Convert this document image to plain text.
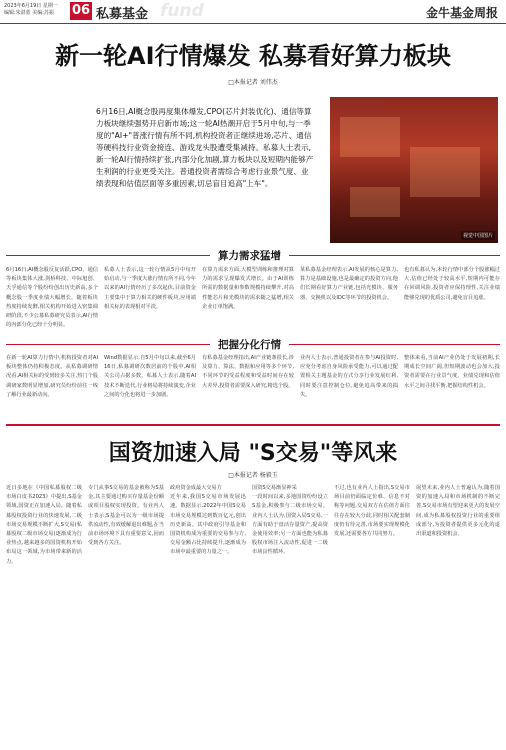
2023年6月19日 星期一
编辑:朱湛蓝 美编:苏振 06 私募基金 fund	金牛基金周报
新一轮AI行情爆发 私募看好算力板块
□本报记者 刘伟杰
6月16日,AI概念股再度集体爆发,CPO(芯片封装优化)、通信等算力板块继续强势开启新市场;这一轮AI热潮开启于5月中旬,与一季度的"AI+"普涨行情有所不同,机构投资者正继续进场,芯片、通信等硬科技行业资金接连、游戏龙头股遭受集减持。私募人士表示,新一轮AI行情持续扩张,内部分化加剧,算力板块以及短期内能够产生利润的行业更受关注。普通投资者需综合考虑行业景气度、业绩表现和估值层面等多重因素,切忌盲目追高"上车"。
视觉中国图片
算力需求猛增
6月16日,AI概念股反复活跃,CPO、通信等板块集体大涨,剑桥科技、中际旭创、天孚通信等个股纷纷创出历史新高,多个概念股一季度业绩大幅增长。随着板块热度持续发酵,相关机构开始进入密集调研阶段,不少公募私募研究员表示,AI行情的内部分化已经十分明显。
私募人士表示,这一轮行情从5月中旬开始启动,与一季度大涨行情有所不同,今年以来的AI行情经历了多次起伏,目前资金主要集中于算力相关的硬件板块,应用端相关标的表现相对平淡。
在算力需求方面,大模型训练和推理对算力的需求呈现爆发式增长。由于AI训练所需的数据量和参数规模持续攀升,对高性能芯片和光模块的需求随之猛增,相关企业订单饱满。
某私募基金经理表示,AI发展的核心是算力,算力是基础设施,也是最确定的投资方向,他们长期看好算力产业链,包括光模块、服务器、交换机以及IDC等环节的投资机会。
也有私募认为,本轮行情中部分个股涨幅过大,估值已经处于较高水平,短期内可能存在回调风险,投资者应保持理性,关注业绩能够兑现的优质公司,避免盲目追涨。
把握分化行情
在新一轮AI算力行情中,机构投资者对AI板块整体仍持积极态度。从私募调研情况看,AI相关标的受到较多关注,热门个股调研家数明显增加,研究员纷纷前往一线了解行业最新动向。
Wind数据显示,自5月中旬以来,截至6月16日,私募调研次数居前的个股中,AI相关公司占据多数。私募人士表示,随着AI技术不断迭代,行业格局将持续演变,企业之间的分化也将进一步加剧。
有私募基金经理指出,AI产业链条很长,涉及算力、算法、数据和应用等多个环节,不同环节的受益程度和受益时间存在较大差异,投资者需要深入研究,精选个股。
业内人士表示,普通投资者在参与AI投资时,应充分考虑自身风险承受能力,可以通过配置相关主题基金的方式分享行业发展红利,同时要注意控制仓位,避免追高带来的损失。
整体来看,当前AI产业仍处于发展初期,长期成长空间广阔,但短期波动也会加大,投资者需要在行业景气度、业绩兑现和估值水平之间寻找平衡,把握结构性机会。
国资加速入局 "S交易"等风来
□本报记者 杨毅玉
近日多地在《中国私募股权二级市场白皮书2023》中提出,S基金领域,国资正在加速入局。随着私募股权投资行业的快速发展,二级市场交易规模不断扩大,S交易(私募股权二级市场交易)逐渐成为行业热点,越来越多的国资机构开始布局这一领域,为市场带来新的活力。
专门从事S交易的基金被称为S基金,其主要通过购买存量基金份额或项目股权实现投资。有业内人士表示,S基金可以为一级市场提供流动性,有效缓解退出难题,在当前市场环境下具有重要意义,因而受到各方关注。
政府资金成最大交易方
近年来,我国S交易市场发展迅速。数据显示,2022年中国S交易市场交易规模达到数百亿元,创出历史新高。其中政府引导基金和国资机构成为重要的交易参与方,交易金额占比持续提升,逐渐成为市场中最重要的力量之一。
国资S交易渐显神采
一段时间以来,多地国资纷纷设立S基金,积极参与二级市场交易。业内人士认为,国资入局S交易,一方面有助于盘活存量资产,提高资金使用效率;另一方面也能为私募股权市场注入流动性,促进一二级市场良性循环。
不过,也有业内人士指出,S交易市场目前仍面临定价难、信息不对称等问题,交易双方在估值方面往往存在较大分歧,同时相关配套制度仍有待完善,市场要实现规模化发展,还需要各方共同努力。
展望未来,业内人士普遍认为,随着国资的加速入局和市场机制的不断完善,S交易市场有望迎来更大的发展空间,成为私募股权投资行业的重要组成部分,为投资者提供更多元化的退出渠道和投资机会。
